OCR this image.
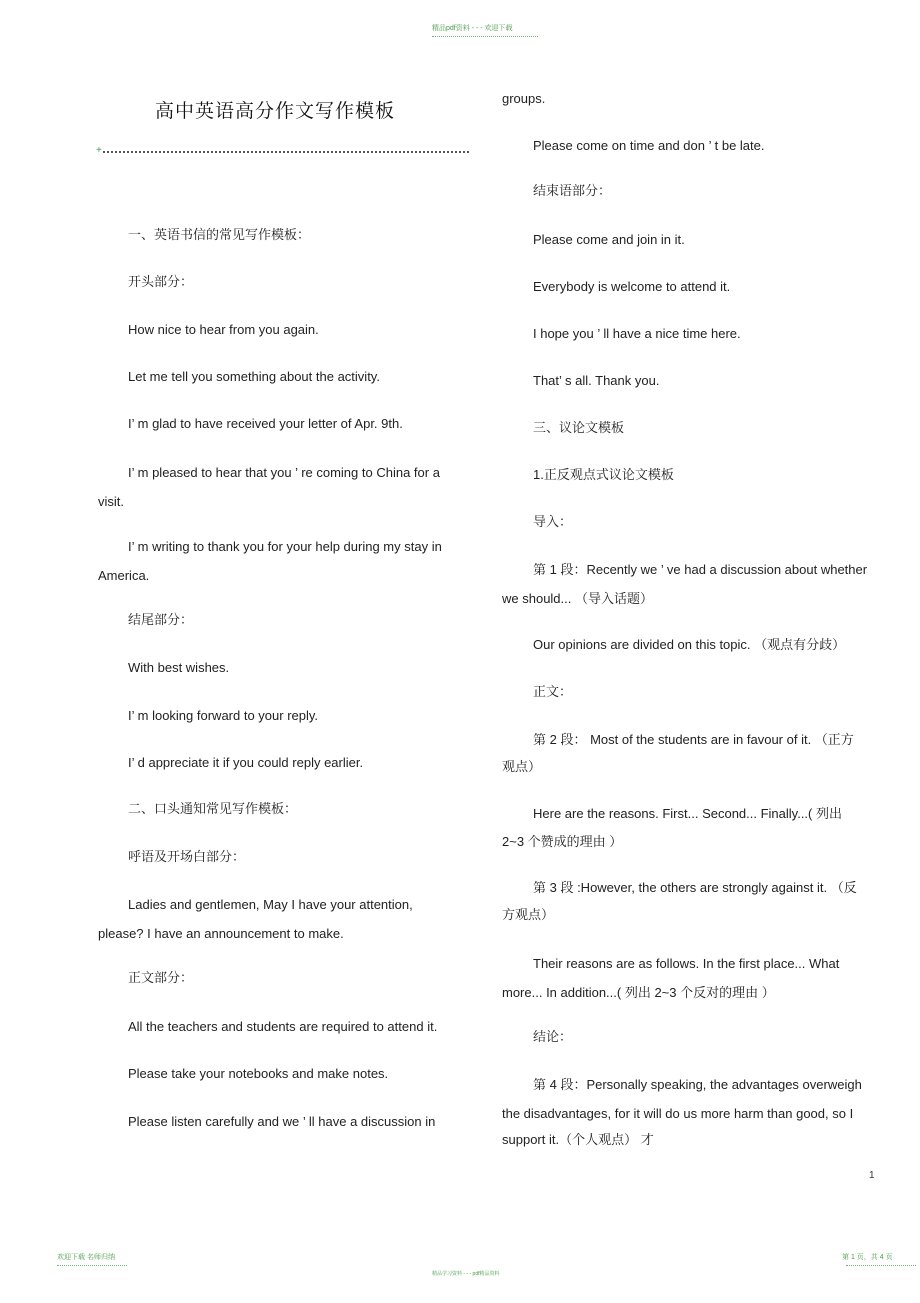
精品pdf资料 - - - 欢迎下载
高中英语高分作文写作模板
+
一、英语书信的常见写作模板：
开头部分：
How nice to hear from you again.
Let me tell you something about the activity.
I’ m glad to have received your letter of Apr. 9th.
I’ m pleased to hear that you ’ re coming to China for a
visit.
I’ m writing to thank you for your help during my stay in
America.
结尾部分：
With best wishes.
I’ m looking forward to your reply.
I’ d appreciate it if you could reply earlier.
二、口头通知常见写作模板：
呼语及开场白部分：
Ladies and gentlemen, May I have your attention,
please? I have an announcement to make.
正文部分：
All the teachers and students are required to attend it.
Please take your notebooks and make notes.
Please listen carefully and we ’ ll have a discussion in
groups.
Please come on time and don ’ t be late.
结束语部分：
Please come and join in it.
Everybody is welcome to attend it.
I hope you ’ ll have a nice time here.
That’ s all. Thank you.
三、议论文模板
1.正反观点式议论文模板
导入：
第 1 段：Recently we ’ ve had a discussion about whether
we should... （导入话题）
Our opinions are divided on this topic. （观点有分歧）
正文：
第 2 段： Most of the students are in favour of it. （正方
观点）
Here are the reasons. First... Second... Finally...( 列出
2~3 个赞成的理由 ）
第 3 段 :However, the others are strongly against it. （反
方观点）
Their reasons are as follows. In the first place... What
more... In addition...( 列出 2~3 个反对的理由 ）
结论：
第 4 段：Personally speaking, the advantages overweigh
the disadvantages, for it will do us more harm than good, so I
support it.（个人观点） 才
1
欢迎下载 名师归纳
精品学习资料 - - - pdf精品资料
第 1 页，共 4 页
